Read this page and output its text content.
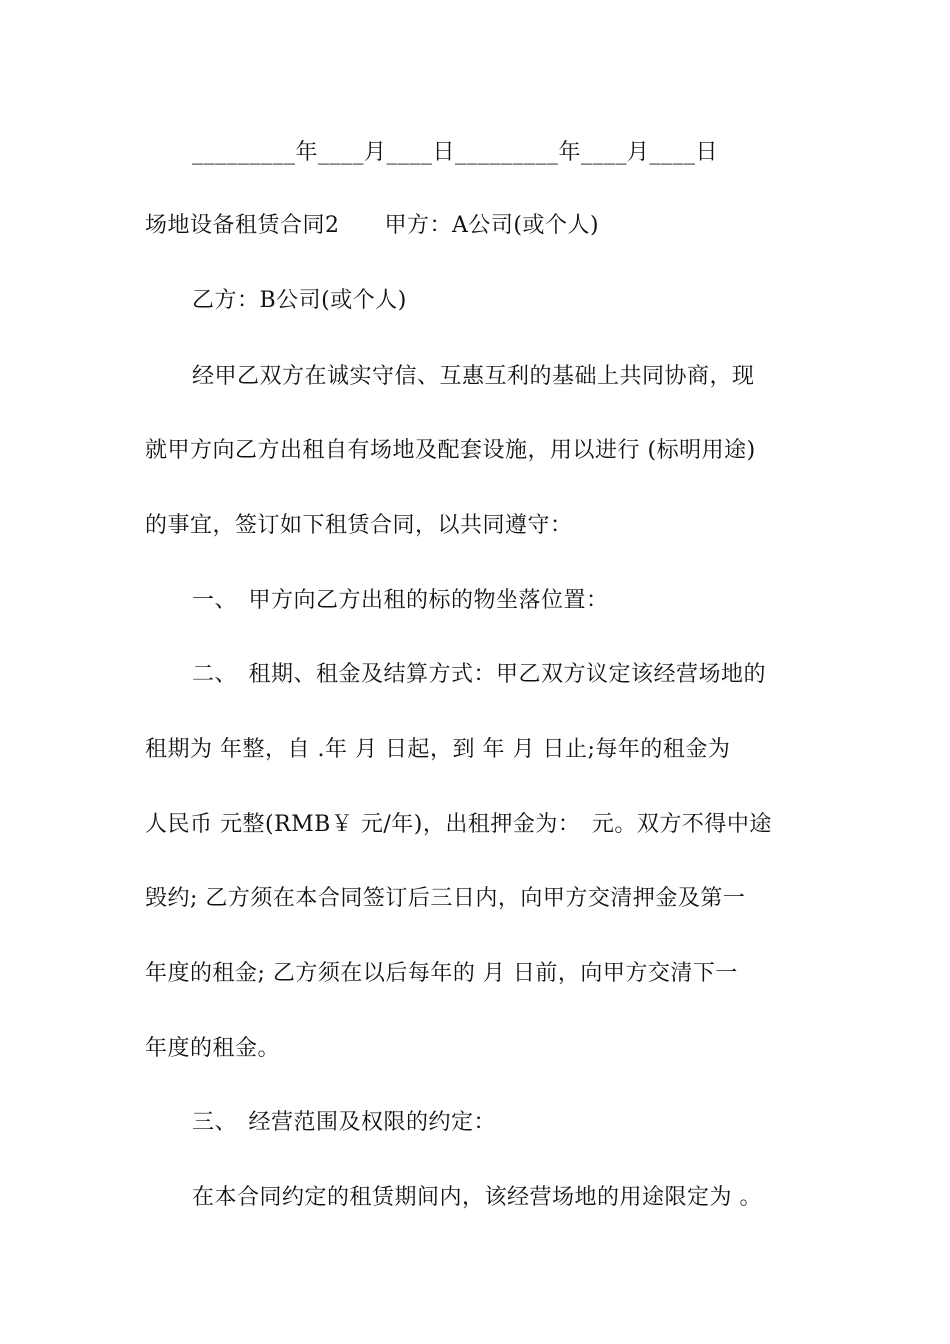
_________年____月____日_________年____月____日
场地设备租赁合同2　　甲方：A公司(或个人)
乙方：B公司(或个人)
经甲乙双方在诚实守信、互惠互利的基础上共同协商，现
就甲方向乙方出租自有场地及配套设施，用以进行 (标明用途)
的事宜，签订如下租赁合同，以共同遵守：
一、　甲方向乙方出租的标的物坐落位置：
二、　租期、租金及结算方式：甲乙双方议定该经营场地的
租期为 年整，自 .年 月 日起，到 年 月 日止;每年的租金为
人民币 元整(RMB￥ 元/年)，出租押金为：　元。双方不得中途
毁约; 乙方须在本合同签订后三日内，向甲方交清押金及第一
年度的租金; 乙方须在以后每年的 月 日前，向甲方交清下一
年度的租金。
三、　经营范围及权限的约定：
在本合同约定的租赁期间内，该经营场地的用途限定为 。
